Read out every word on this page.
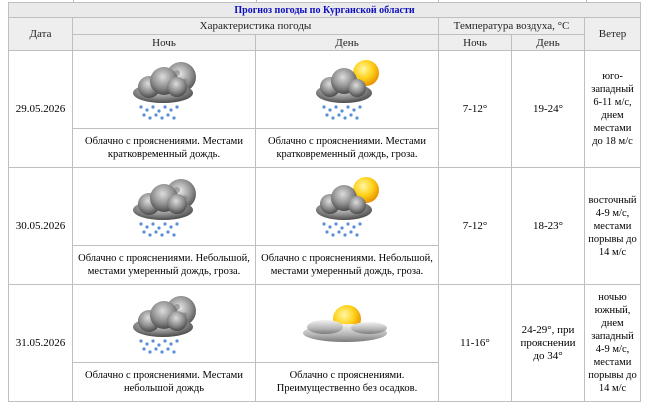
Прогноз погоды по Курганской области					
Дата	Характеристика погоды		Температура воздуха, °C		Ветер
	Ночь	День	Ночь	День	
29.05.2026			7-12°	19-24°	юго-западный 6-11 м/с, днем местами до 18 м/с
	Облачно с прояснениями. Местами кратковременный дождь.	Облачно с прояснениями. Местами кратковременный дождь, гроза.			
30.05.2026			7-12°	18-23°	восточный 4-9 м/с, местами порывы до 14 м/с
	Облачно с прояснениями. Небольшой, местами умеренный дождь, гроза.	Облачно с прояснениями. Небольшой, местами умеренный дождь, гроза.			
31.05.2026			11-16°	24-29°, при прояснении до 34°	ночью южный, днем западный 4-9 м/с, местами порывы до 14 м/с
	Облачно с прояснениями. Местами небольшой дождь	Облачно с прояснениями. Преимущественно без осадков.			
